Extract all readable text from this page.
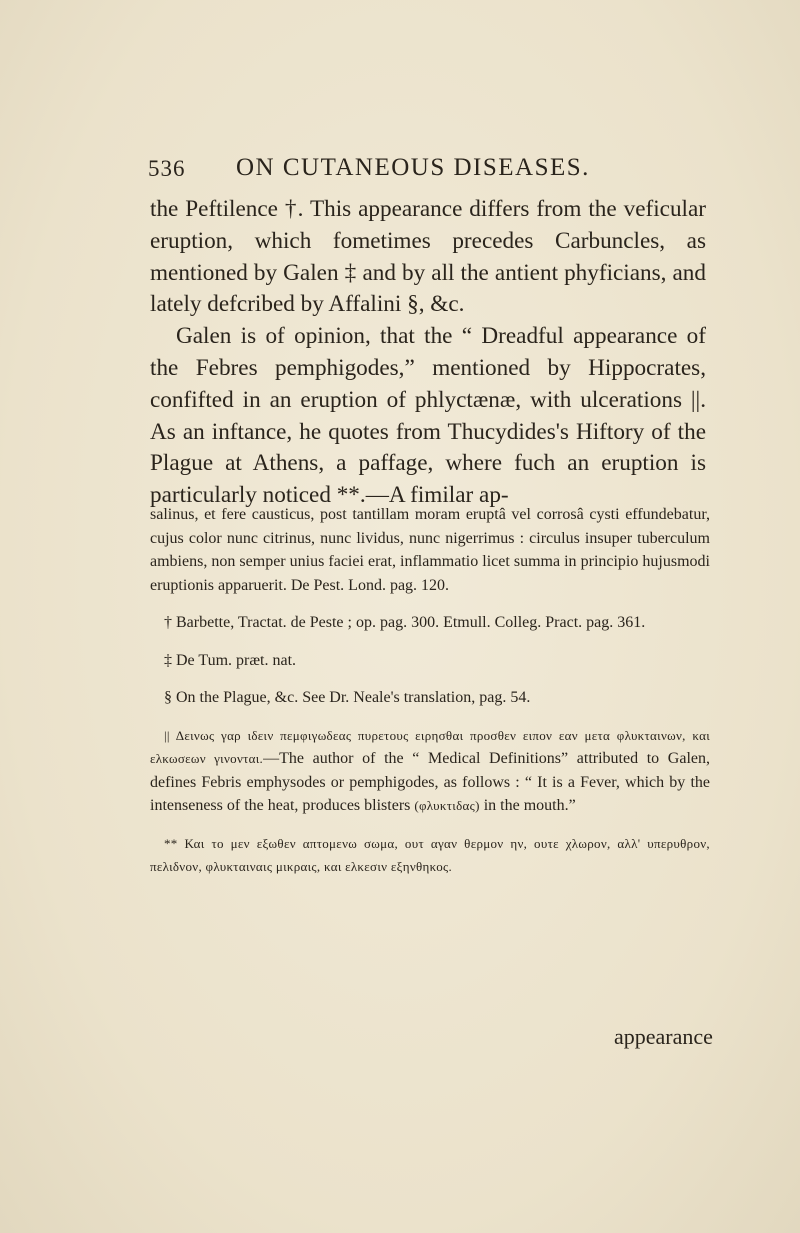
536 ON CUTANEOUS DISEASES.

the Peftilence †. This appearance differs from the veficular eruption, which fometimes precedes Carbuncles, as mentioned by Galen ‡ and by all the antient phyficians, and lately defcribed by Affalini §, &c.

Galen is of opinion, that the “ Dreadful appearance of the Febres pemphigodes,” mentioned by Hippocrates, confifted in an eruption of phlyctænæ, with ulcerations ||. As an inftance, he quotes from Thucydides's Hiftory of the Plague at Athens, a paffage, where fuch an eruption is particularly noticed **.—A fimilar ap-

salinus, et fere causticus, post tantillam moram eruptâ vel corrosâ cysti effundebatur, cujus color nunc citrinus, nunc lividus, nunc nigerrimus : circulus insuper tuberculum ambiens, non semper unius faciei erat, inflammatio licet summa in principio hujusmodi eruptionis apparuerit. De Pest. Lond. pag. 120.

† Barbette, Tractat. de Peste ; op. pag. 300. Etmull. Colleg. Pract. pag. 361.

‡ De Tum. præt. nat.

§ On the Plague, &c. See Dr. Neale's translation, pag. 54.

|| Δεινως γαρ ιδειν πεμφιγωδεας πυρετους ειρησθαι προσθεν ειπον εαν μετα φλυκταινων, και ελκωσεων γινονται.—The author of the “ Medical Definitions” attributed to Galen, defines Febris emphysodes or pemphigodes, as follows : “ It is a Fever, which by the intenseness of the heat, produces blisters (φλυκτιδας) in the mouth.”

** Και το μεν εξωθεν απτομενω σωμα, ουτ αγαν θερμον ην, ουτε χλωρον, αλλ' υπερυθρον, πελιδνον, φλυκταιναις μικραις, και ελκεσιν εξηνθηκος.

appearance
